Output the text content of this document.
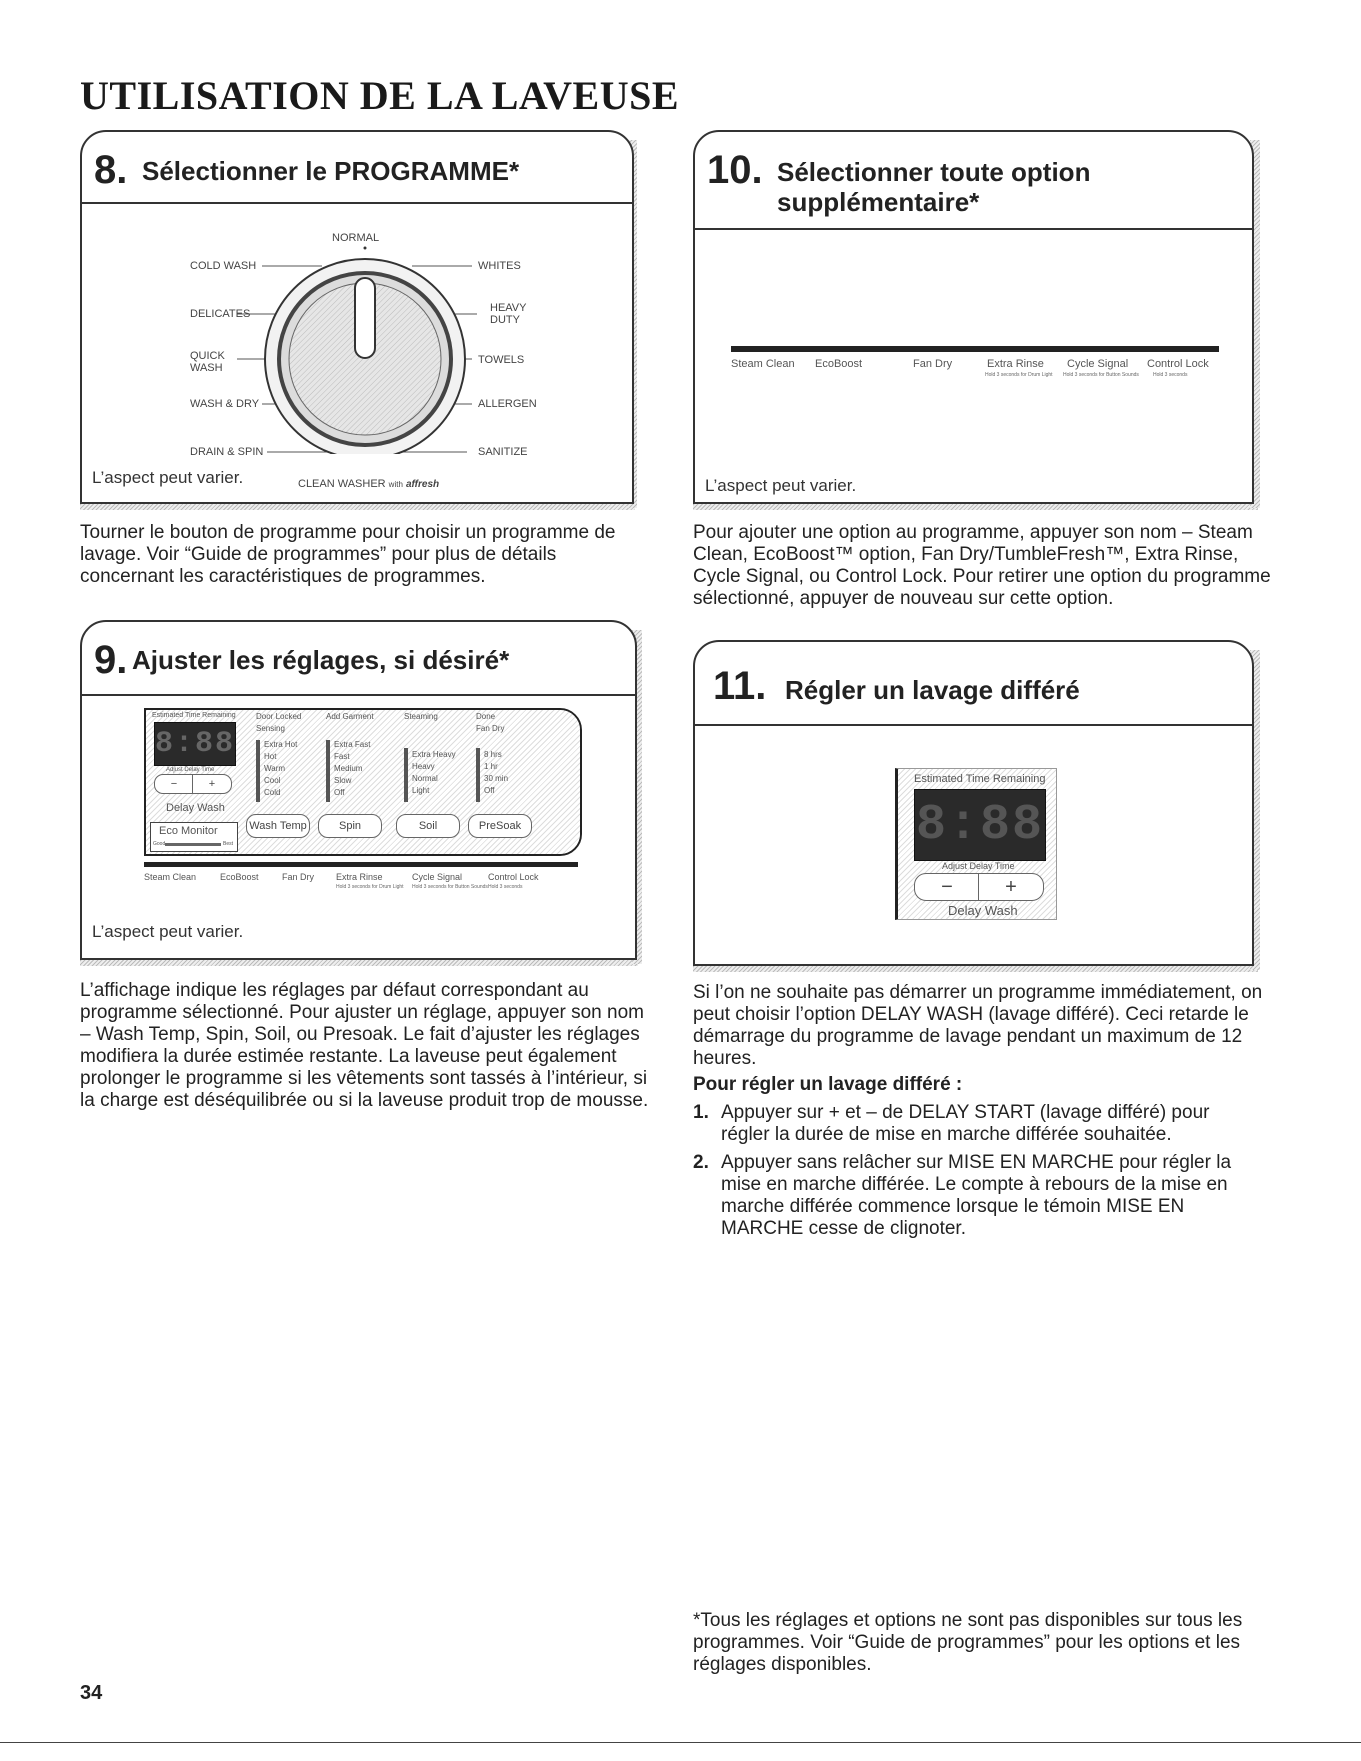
UTILISATION DE LA LAVEUSE
8. Sélectionner le PROGRAMME*
NORMAL
COLD WASH
DELICATES
QUICK
WASH
WASH & DRY
DRAIN & SPIN
WHITES
HEAVY
DUTY
TOWELS
ALLERGEN
SANITIZE
CLEAN WASHER with affresh
L’aspect peut varier.

Tourner le bouton de programme pour choisir un programme de lavage. Voir “Guide de programmes” pour plus de détails concernant les caractéristiques de programmes.

9. Ajuster les réglages, si désiré*
Estimated Time Remaining
8:88
Adjust Delay Time
−	+
Delay Wash
Eco Monitor
Good	Best
Door Locked	Add Garment	Steaming	Done
Sensing	Fan Dry
Extra Hot
Hot
Warm
Cool
Cold
Extra Fast
Fast
Medium
Slow
Off
Extra Heavy
Heavy
Normal
Light
8 hrs
1 hr
30 min
Off
Wash Temp	Spin	Soil	PreSoak
Steam Clean	EcoBoost	Fan Dry Extra Rinse
Hold 3 seconds for Drum Light
Cycle Signal
Hold 3 seconds for Button Sounds
Control Lock
Hold 3 seconds
L’aspect peut varier.

L’affichage indique les réglages par défaut correspondant au programme sélectionné. Pour ajuster un réglage, appuyer son nom – Wash Temp, Spin, Soil, ou Presoak. Le fait d’ajuster les réglages modifiera la durée estimée restante. La laveuse peut également prolonger le programme si les vêtements sont tassés à l’intérieur, si la charge est déséquilibrée ou si la laveuse produit trop de mousse.

10. Sélectionner toute option
supplémentaire*
Steam Clean EcoBoost	Fan Dry	Extra Rinse
Hold 3 seconds for Drum Light
Cycle Signal
Hold 3 seconds for Button Sounds
Control Lock
Hold 3 seconds
L’aspect peut varier.

Pour ajouter une option au programme, appuyer son nom – Steam Clean, EcoBoost™ option, Fan Dry/TumbleFresh™, Extra Rinse, Cycle Signal, ou Control Lock. Pour retirer une option du programme sélectionné, appuyer de nouveau sur cette option.

11. Régler un lavage différé
Estimated Time Remaining
8:88
Adjust Delay Time
−	+
Delay Wash

Si l’on ne souhaite pas démarrer un programme immédiatement, on peut choisir l’option DELAY WASH (lavage différé). Ceci retarde le démarrage du programme de lavage pendant un maximum de 12 heures.

Pour régler un lavage différé :

1. Appuyer sur + et – de DELAY START (lavage différé) pour régler la durée de mise en marche différée souhaitée.

2. Appuyer sans relâcher sur MISE EN MARCHE pour régler la mise en marche différée. Le compte à rebours de la mise en marche différée commence lorsque le témoin MISE EN MARCHE cesse de clignoter.

*Tous les réglages et options ne sont pas disponibles sur tous les programmes. Voir “Guide de programmes” pour les options et les réglages disponibles.

34
